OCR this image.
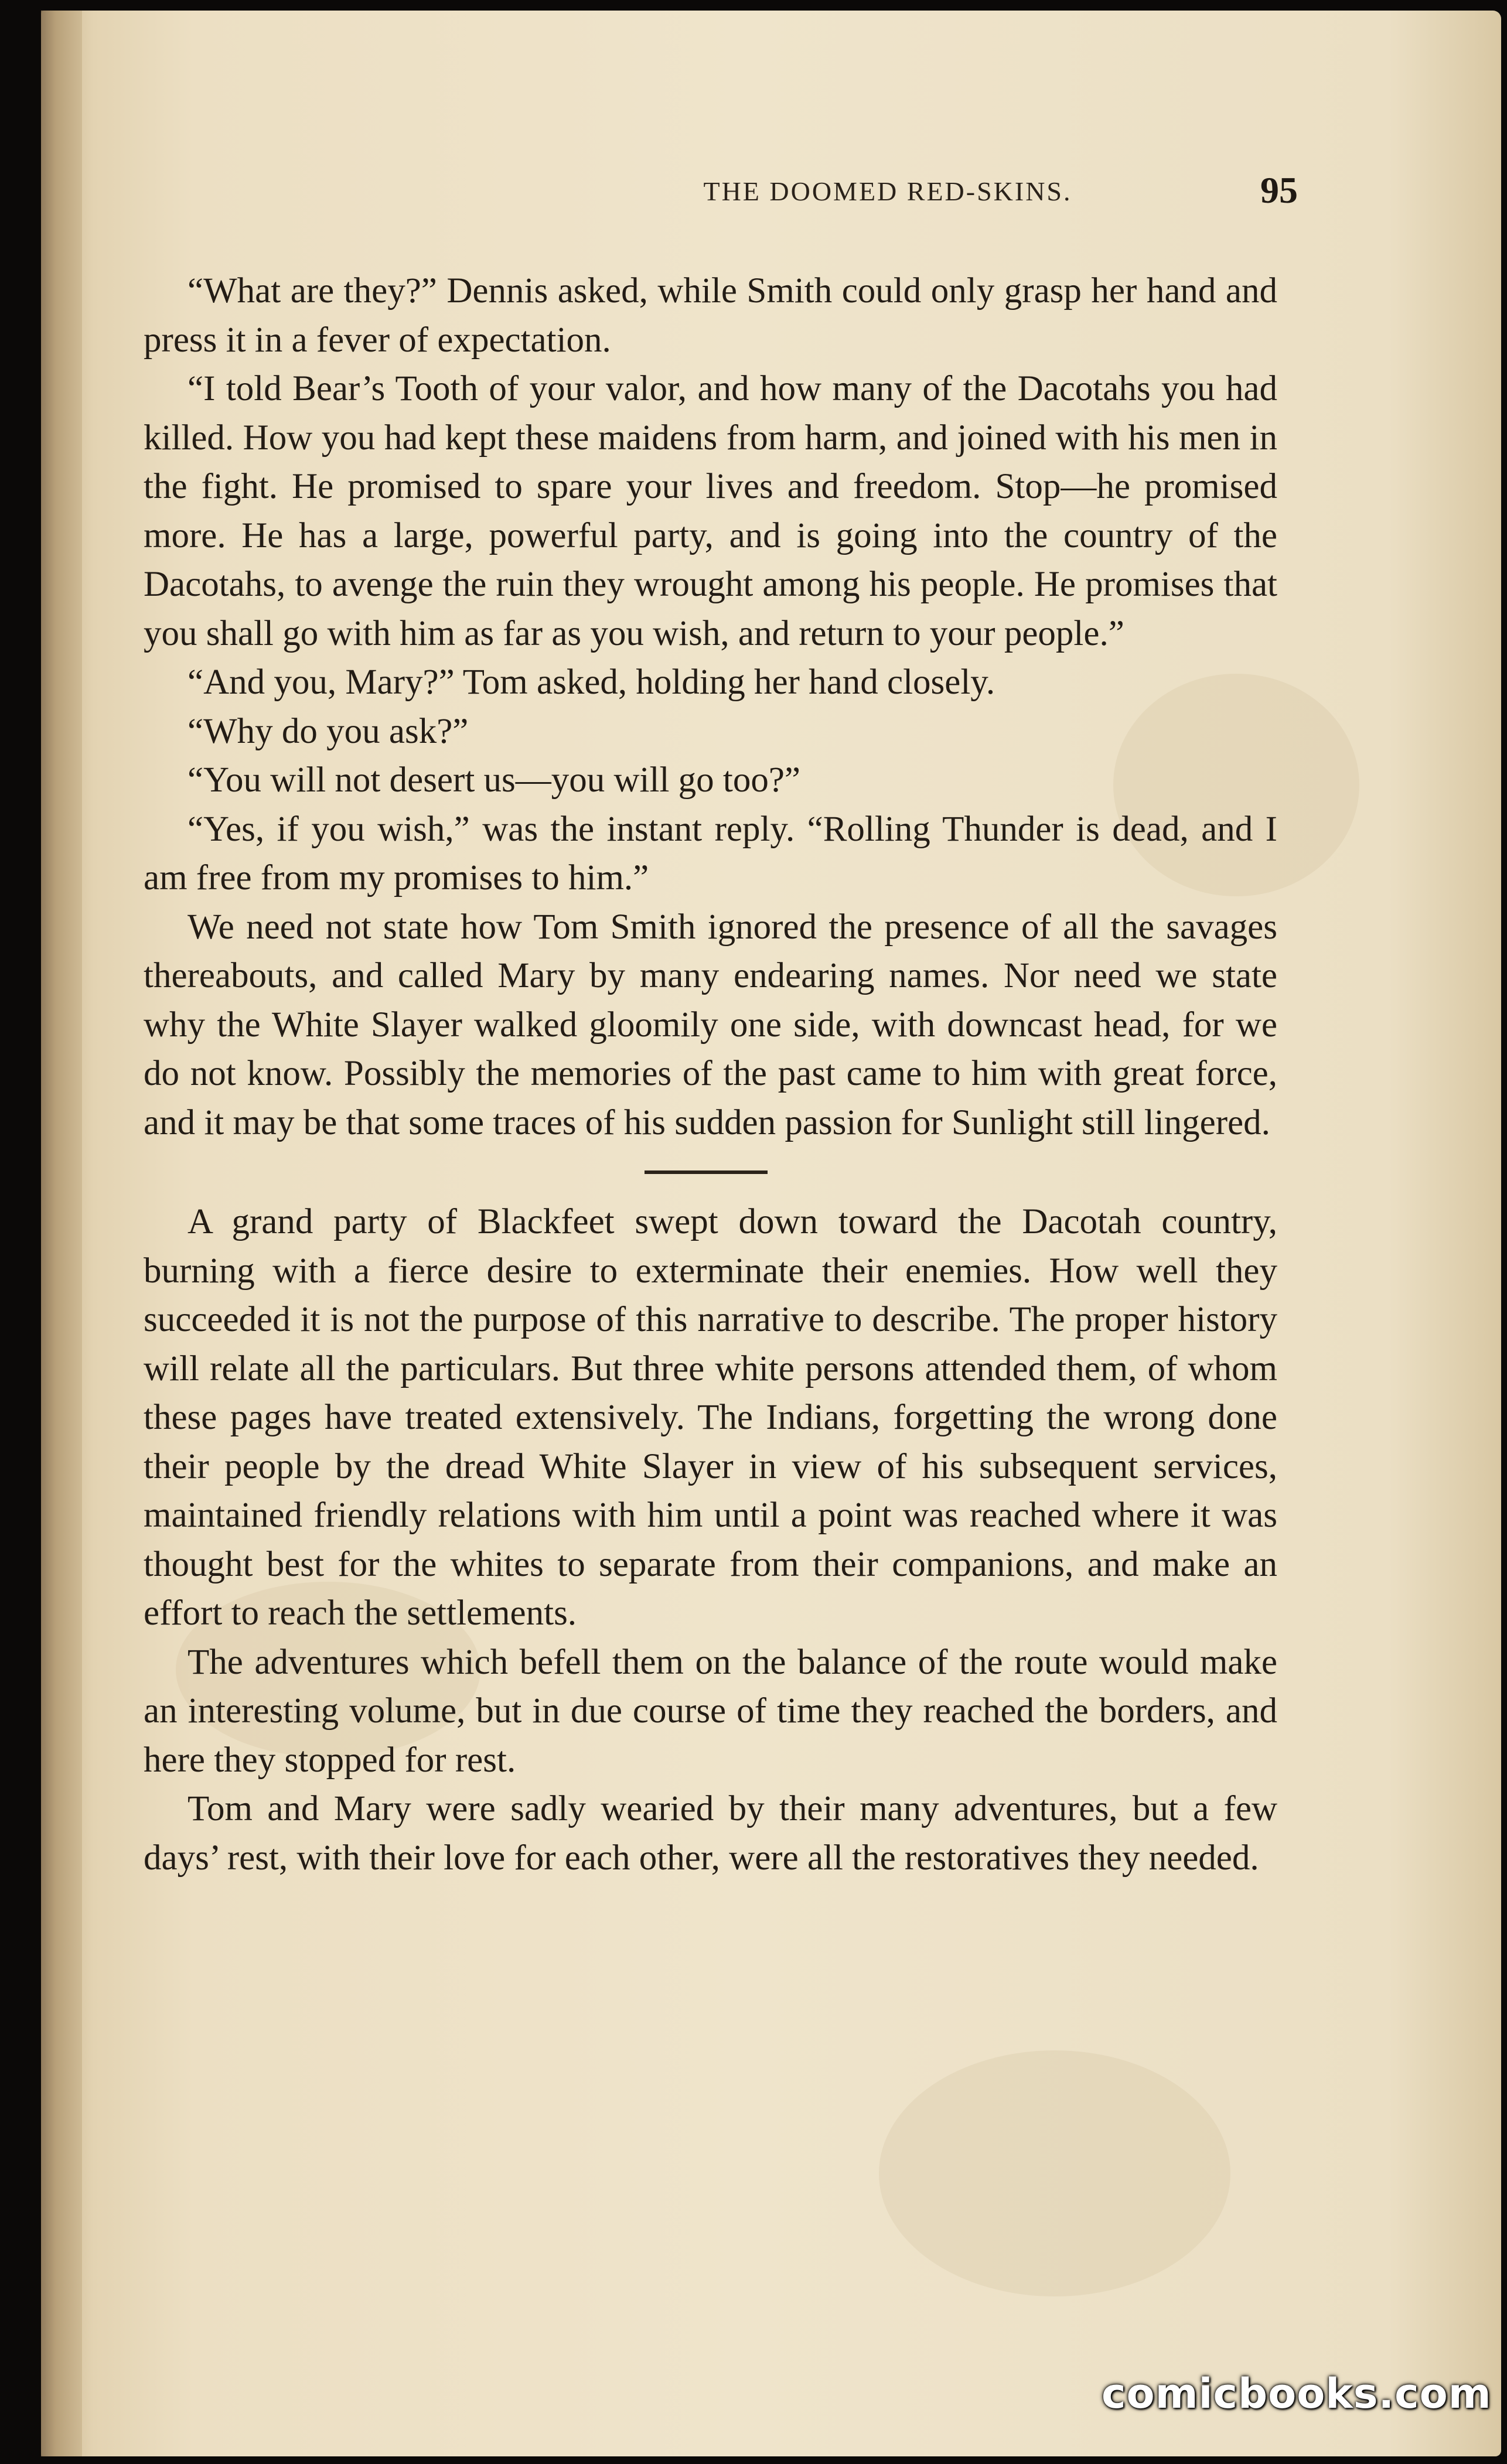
THE DOOMED RED-SKINS.	95

“What are they?” Dennis asked, while Smith could only grasp her hand and press it in a fever of expectation.

“I told Bear’s Tooth of your valor, and how many of the Dacotahs you had killed. How you had kept these maidens from harm, and joined with his men in the fight. He promised to spare your lives and freedom. Stop—he promised more. He has a large, powerful party, and is going into the country of the Dacotahs, to avenge the ruin they wrought among his people. He promises that you shall go with him as far as you wish, and return to your people.”

“And you, Mary?” Tom asked, holding her hand closely.

“Why do you ask?”

“You will not desert us—you will go too?”

“Yes, if you wish,” was the instant reply. “Rolling Thunder is dead, and I am free from my promises to him.”

We need not state how Tom Smith ignored the presence of all the savages thereabouts, and called Mary by many endearing names. Nor need we state why the White Slayer walked gloomily one side, with downcast head, for we do not know. Possibly the memories of the past came to him with great force, and it may be that some traces of his sudden passion for Sunlight still lingered.

A grand party of Blackfeet swept down toward the Dacotah country, burning with a fierce desire to exterminate their enemies. How well they succeeded it is not the purpose of this narrative to describe. The proper history will relate all the particulars. But three white persons attended them, of whom these pages have treated extensively. The Indians, forgetting the wrong done their people by the dread White Slayer in view of his subsequent services, maintained friendly relations with him until a point was reached where it was thought best for the whites to separate from their companions, and make an effort to reach the settlements.

The adventures which befell them on the balance of the route would make an interesting volume, but in due course of time they reached the borders, and here they stopped for rest.

Tom and Mary were sadly wearied by their many adventures, but a few days’ rest, with their love for each other, were all the restoratives they needed.

comicbooks.com
